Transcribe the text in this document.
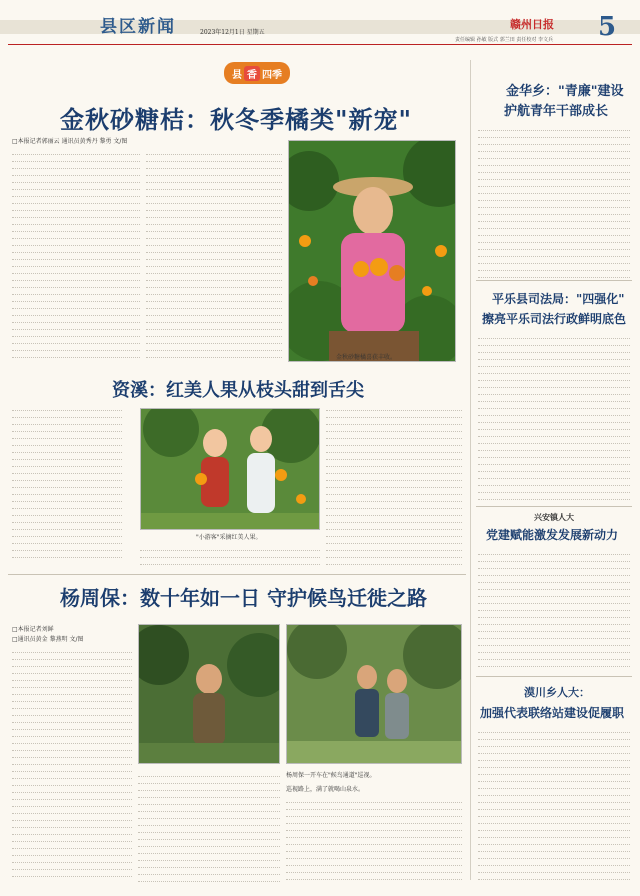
县区新闻	2023年12月1日 星期五
赣州日报
责任编辑 孙敏 版式 郭兰田 责任校对 李文兵 5
县 香 四季
金秋砂糖桔：秋冬季橘类"新宠"
□本报记者郭丽云 通讯员黄秀丹 黎勇 文/图
金秋砂糖橘喜获丰收。
资溪：红美人果从枝头甜到舌尖
"小游客"采摘红美人果。
杨周保：数十年如一日 守护候鸟迁徙之路
□本报记者刘鲜
□通讯员黄金 黎燕明 文/图
杨周保一开车在"候鸟通道"巡视。
巡视路上，满了就喝山泉水。
金华乡："青廉"建设
护航青年干部成长
平乐县司法局："四强化"
擦亮平乐司法行政鲜明底色
兴安镇人大
党建赋能激发发展新动力
漠川乡人大：
加强代表联络站建设促履职
